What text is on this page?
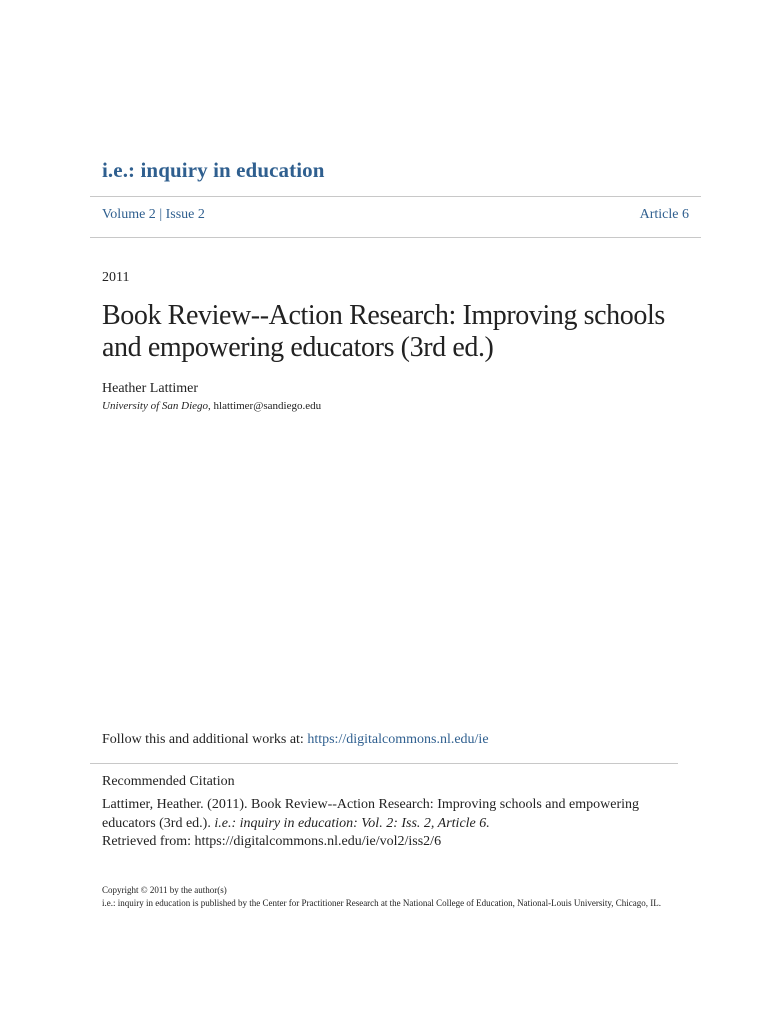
i.e.: inquiry in education
Volume 2 | Issue 2	Article 6
2011
Book Review--Action Research: Improving schools and empowering educators (3rd ed.)
Heather Lattimer
University of San Diego, hlattimer@sandiego.edu
Follow this and additional works at: https://digitalcommons.nl.edu/ie
Recommended Citation
Lattimer, Heather. (2011). Book Review--Action Research: Improving schools and empowering educators (3rd ed.). i.e.: inquiry in education: Vol. 2: Iss. 2, Article 6.
Retrieved from: https://digitalcommons.nl.edu/ie/vol2/iss2/6
Copyright © 2011 by the author(s)
i.e.: inquiry in education is published by the Center for Practitioner Research at the National College of Education, National-Louis University, Chicago, IL.
